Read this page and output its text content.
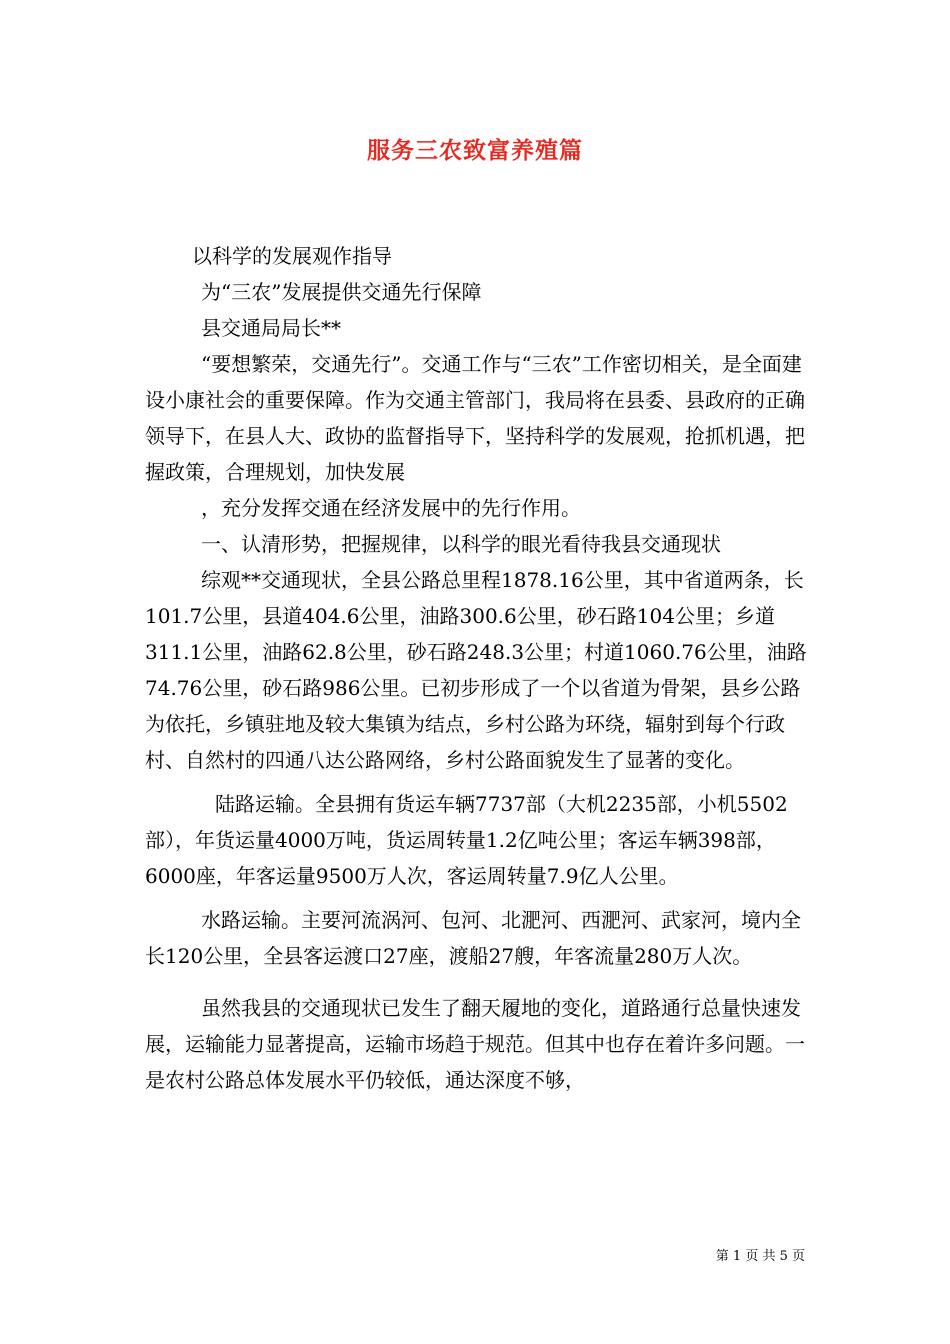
服务三农致富养殖篇

以科学的发展观作指导

为“三农”发展提供交通先行保障

县交通局局长**

“要想繁荣，交通先行”。交通工作与“三农”工作密切相关，是全面建设小康社会的重要保障。作为交通主管部门，我局将在县委、县政府的正确领导下，在县人大、政协的监督指导下，坚持科学的发展观，抢抓机遇，把握政策，合理规划，加快发展

，充分发挥交通在经济发展中的先行作用。

一、认清形势，把握规律，以科学的眼光看待我县交通现状

综观**交通现状，全县公路总里程1878.16公里，其中省道两条，长101.7公里，县道404.6公里，油路300.6公里，砂石路104公里；乡道311.1公里，油路62.8公里，砂石路248.3公里；村道1060.76公里，油路74.76公里，砂石路986公里。已初步形成了一个以省道为骨架，县乡公路为依托，乡镇驻地及较大集镇为结点，乡村公路为环绕，辐射到每个行政村、自然村的四通八达公路网络，乡村公路面貌发生了显著的变化。

陆路运输。全县拥有货运车辆7737部（大机2235部，小机5502部），年货运量4000万吨，货运周转量1.2亿吨公里；客运车辆398部，6000座，年客运量9500万人次，客运周转量7.9亿人公里。

水路运输。主要河流涡河、包河、北淝河、西淝河、武家河，境内全长120公里，全县客运渡口27座，渡船27艘，年客流量280万人次。

虽然我县的交通现状已发生了翻天履地的变化，道路通行总量快速发展，运输能力显著提高，运输市场趋于规范。但其中也存在着许多问题。一是农村公路总体发展水平仍较低，通达深度不够，

第 1 页 共 5 页
